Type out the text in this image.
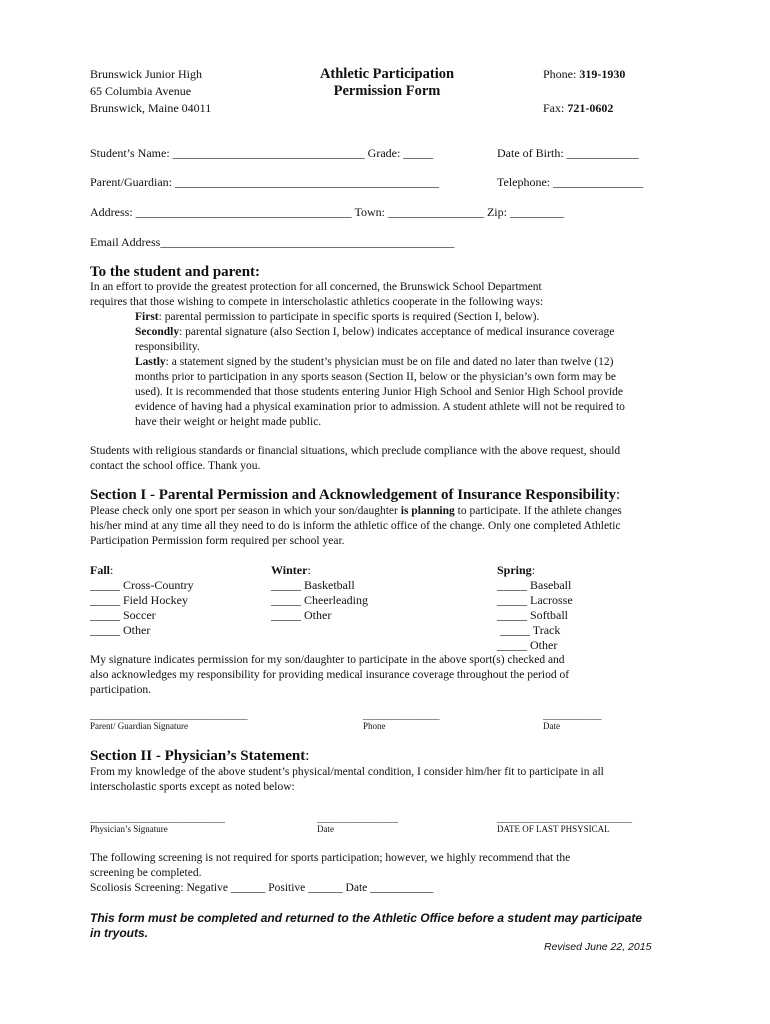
Brunswick Junior High
65 Columbia Avenue
Brunswick, Maine 04011
Athletic Participation
Permission Form
Phone: 319-1930
Fax: 721-0602
Student’s Name: ________________________________ Grade: _____	Date of Birth: ____________
Parent/Guardian: ____________________________________________	Telephone: _______________
Address: ____________________________________ Town: ________________ Zip: _________
Email Address_________________________________________________
To the student and parent:
In an effort to provide the greatest protection for all concerned, the Brunswick School Department
requires that those wishing to compete in interscholastic athletics cooperate in the following ways:
First: parental permission to participate in specific sports is required (Section I, below).
Secondly: parental signature (also Section I, below) indicates acceptance of medical insurance coverage
responsibility.
Lastly: a statement signed by the student’s physician must be on file and dated no later than twelve (12)
months prior to participation in any sports season (Section II, below or the physician’s own form may be
used). It is recommended that those students entering Junior High School and Senior High School provide
evidence of having had a physical examination prior to admission. A student athlete will not be required to
have their weight or height made public.
Students with religious standards or financial situations, which preclude compliance with the above request, should
contact the school office. Thank you.
Section I - Parental Permission and Acknowledgement of Insurance Responsibility:
Please check only one sport per season in which your son/daughter is planning to participate. If the athlete changes
his/her mind at any time all they need to do is inform the athletic office of the change. Only one completed Athletic
Participation Permission form required per school year.
Fall:
_____ Cross-Country
_____ Field Hockey
_____ Soccer
_____ Other
Winter:
_____ Basketball
_____ Cheerleading
_____ Other
Spring:
_____ Baseball
_____ Lacrosse
_____ Softball
_____ Track
_____ Other
My signature indicates permission for my son/daughter to participate in the above sport(s) checked and
also acknowledges my responsibility for providing medical insurance coverage throughout the period of
participation.
___________________________________	_________________	_____________
Parent/ Guardian Signature	Phone	Date
Section II - Physician’s Statement:
From my knowledge of the above student’s physical/mental condition, I consider him/her fit to participate in all
interscholastic sports except as noted below:
______________________________	__________________	______________________________
Physician’s Signature	Date	DATE OF LAST PHSYSICAL
The following screening is not required for sports participation; however, we highly recommend that the
screening be completed.
Scoliosis Screening: Negative ______ Positive ______ Date ___________
This form must be completed and returned to the Athletic Office before a student may participate
in tryouts.
Revised June 22, 2015
